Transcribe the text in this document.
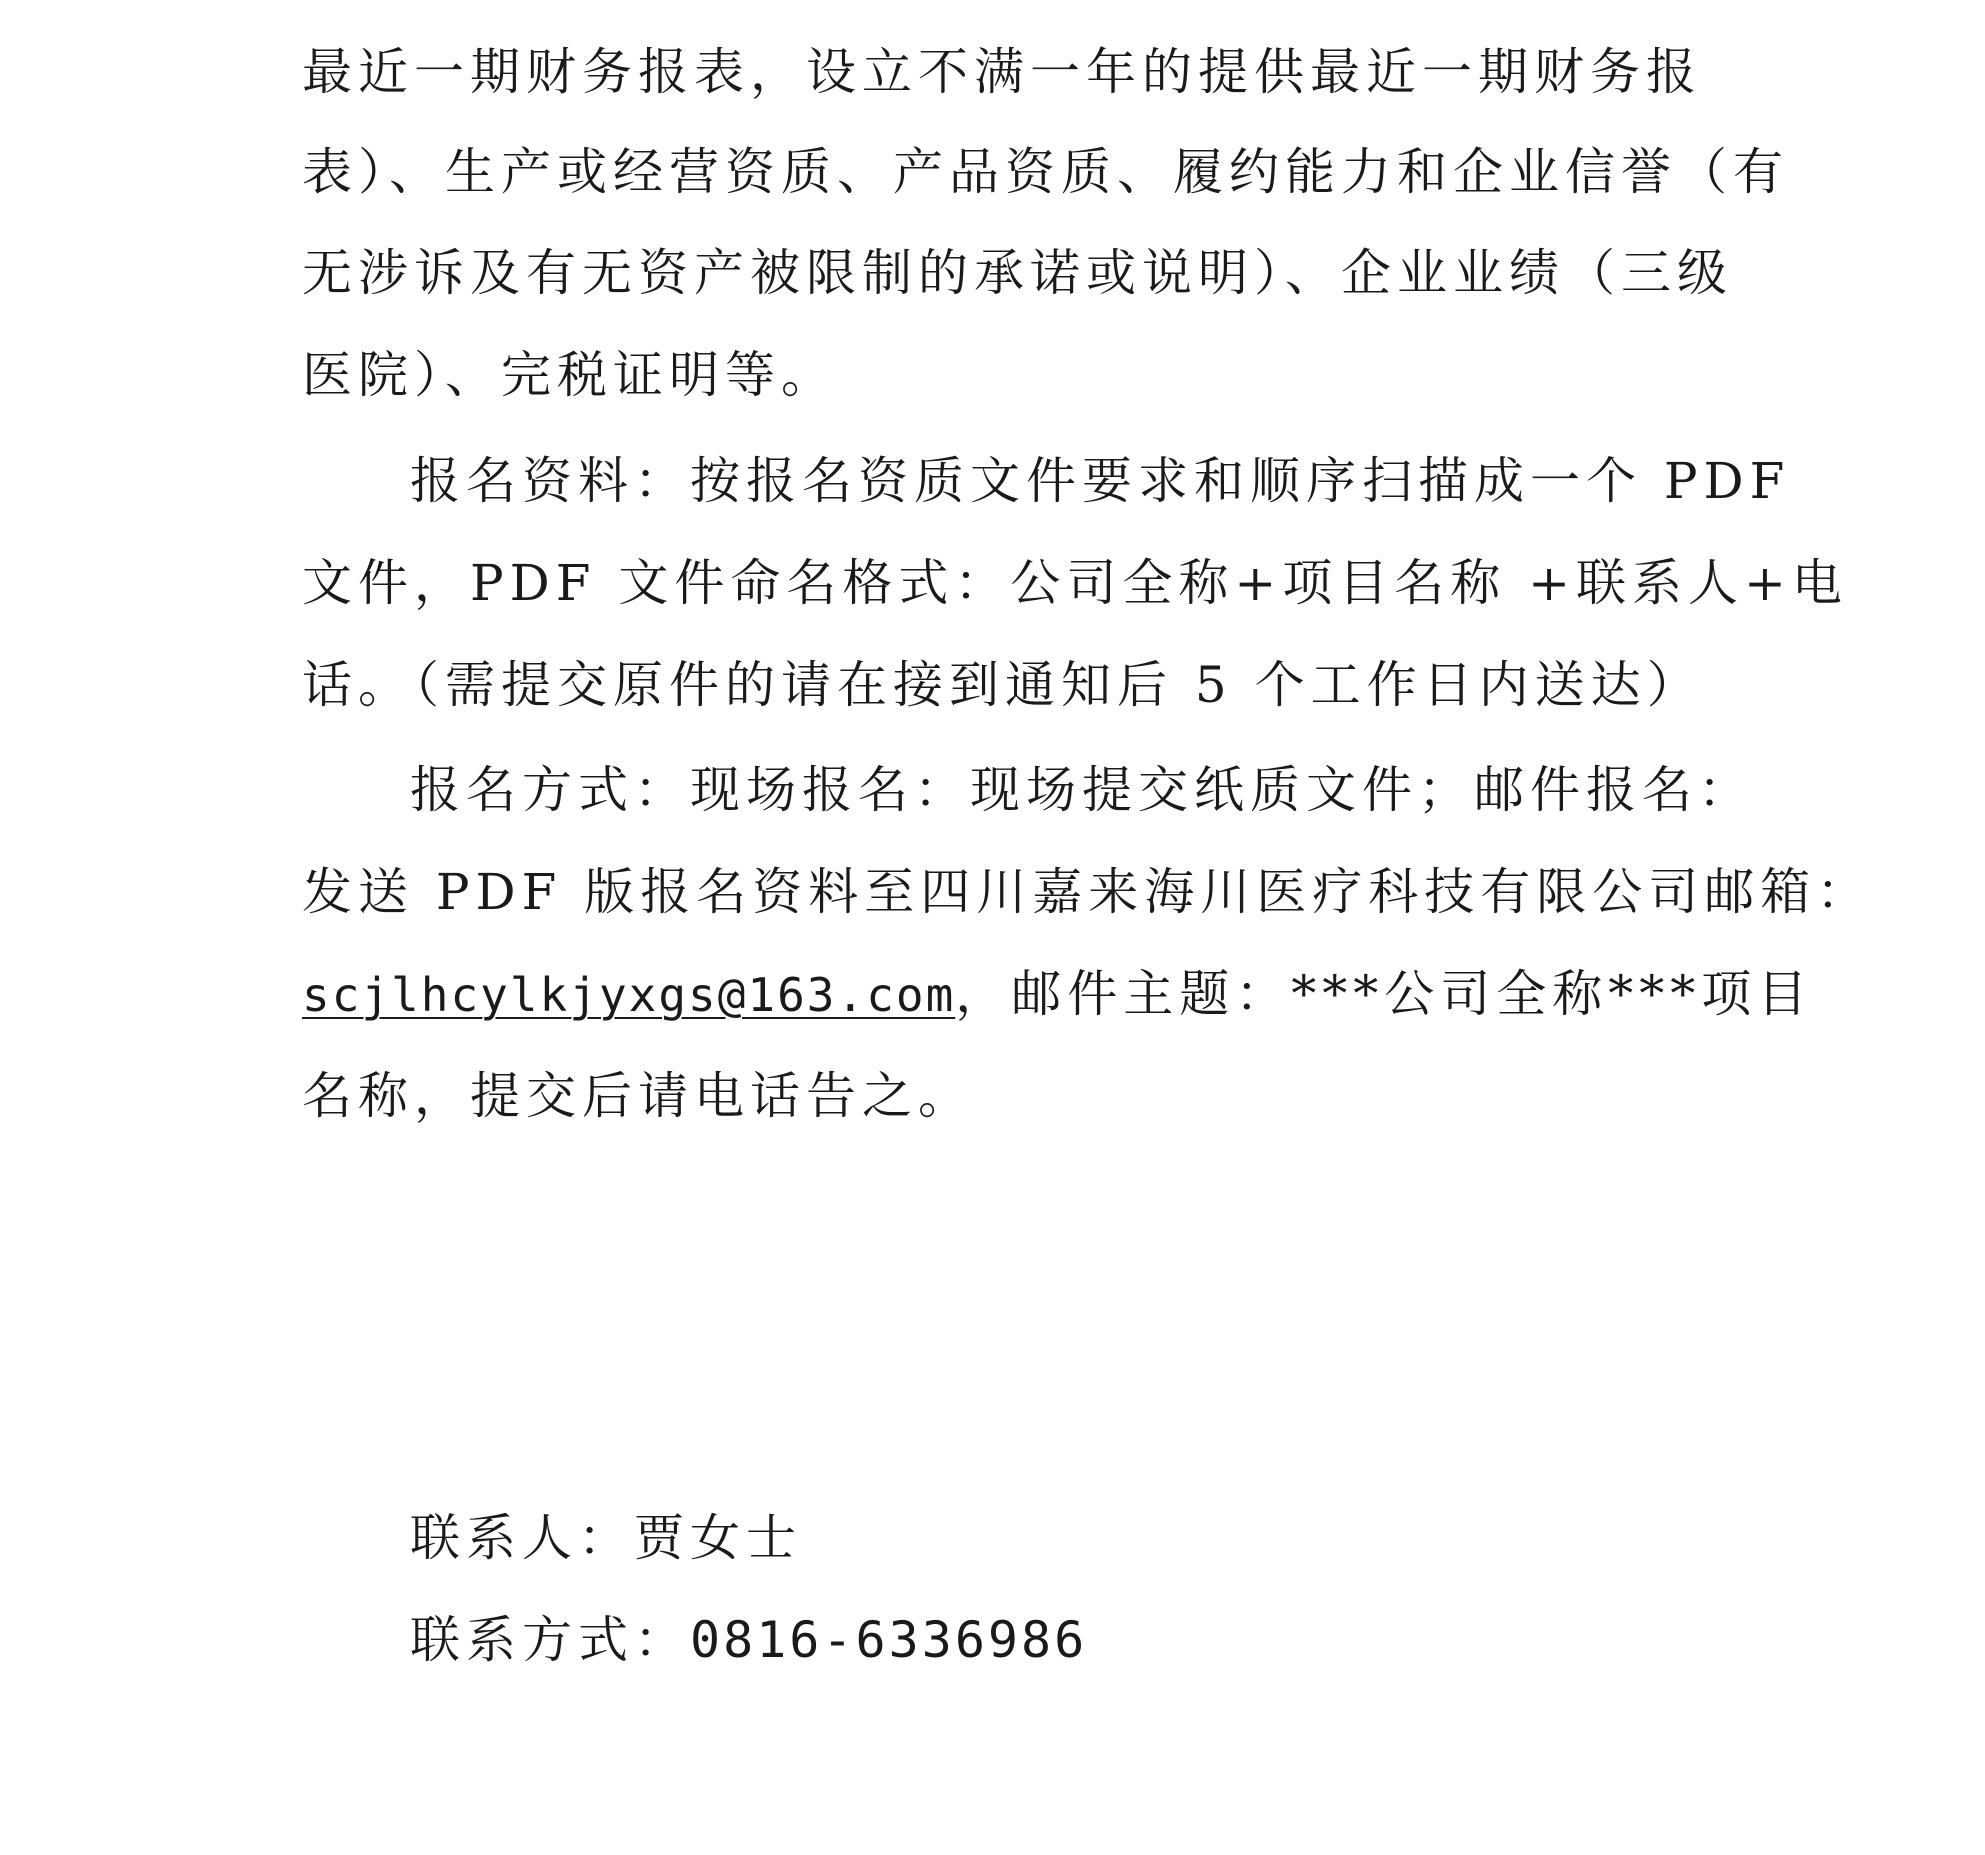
最近一期财务报表，设立不满一年的提供最近一期财务报
表）、生产或经营资质、产品资质、履约能力和企业信誉（有
无涉诉及有无资产被限制的承诺或说明）、企业业绩（三级
医院）、完税证明等。
报名资料：按报名资质文件要求和顺序扫描成一个 PDF
文件，PDF 文件命名格式：公司全称+项目名称 +联系人+电
话。（需提交原件的请在接到通知后 5 个工作日内送达）
报名方式：现场报名：现场提交纸质文件；邮件报名：
发送 PDF 版报名资料至四川嘉来海川医疗科技有限公司邮箱：
scjlhcylkjyxgs@163.com，邮件主题：***公司全称***项目
名称，提交后请电话告之。
联系人：贾女士
联系方式：0816-6336986
